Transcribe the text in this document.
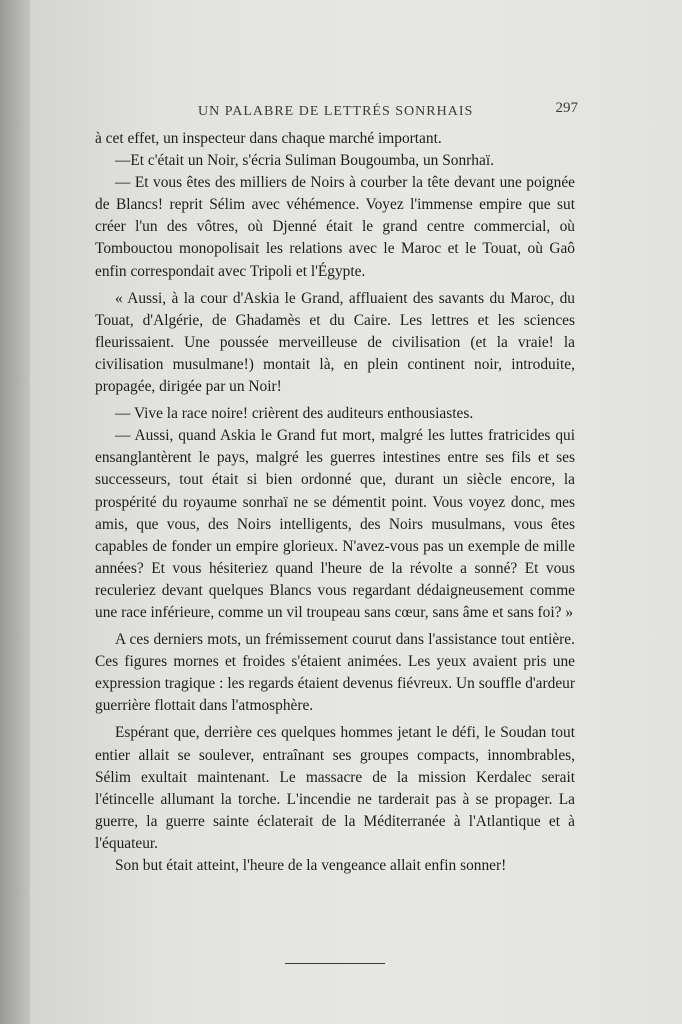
UN PALABRE DE LETTRÉS SONRHAIS	297

à cet effet, un inspecteur dans chaque marché important.

—Et c'était un Noir, s'écria Suliman Bougoumba, un Sonrhaï.

— Et vous êtes des milliers de Noirs à courber la tête devant une poignée de Blancs! reprit Sélim avec véhémence. Voyez l'immense empire que sut créer l'un des vôtres, où Djenné était le grand centre commercial, où Tombouctou monopolisait les relations avec le Maroc et le Touat, où Gaô enfin correspondait avec Tripoli et l'Égypte.

« Aussi, à la cour d'Askia le Grand, affluaient des savants du Maroc, du Touat, d'Algérie, de Ghadamès et du Caire. Les lettres et les sciences fleurissaient. Une poussée merveilleuse de civilisation (et la vraie! la civilisation musulmane!) montait là, en plein continent noir, introduite, propagée, dirigée par un Noir!

— Vive la race noire! crièrent des auditeurs enthousiastes.

— Aussi, quand Askia le Grand fut mort, malgré les luttes fratricides qui ensanglantèrent le pays, malgré les guerres intestines entre ses fils et ses successeurs, tout était si bien ordonné que, durant un siècle encore, la prospérité du royaume sonrhaï ne se démentit point. Vous voyez donc, mes amis, que vous, des Noirs intelligents, des Noirs musulmans, vous êtes capables de fonder un empire glorieux. N'avez-vous pas un exemple de mille années? Et vous hésiteriez quand l'heure de la révolte a sonné? Et vous reculeriez devant quelques Blancs vous regardant dédaigneusement comme une race inférieure, comme un vil troupeau sans cœur, sans âme et sans foi? »

A ces derniers mots, un frémissement courut dans l'assistance tout entière. Ces figures mornes et froides s'étaient animées. Les yeux avaient pris une expression tragique : les regards étaient devenus fiévreux. Un souffle d'ardeur guerrière flottait dans l'atmosphère.

Espérant que, derrière ces quelques hommes jetant le défi, le Soudan tout entier allait se soulever, entraînant ses groupes compacts, innombrables, Sélim exultait maintenant. Le massacre de la mission Kerdalec serait l'étincelle allumant la torche. L'incendie ne tarderait pas à se propager. La guerre, la guerre sainte éclaterait de la Méditerranée à l'Atlantique et à l'équateur.

Son but était atteint, l'heure de la vengeance allait enfin sonner!
